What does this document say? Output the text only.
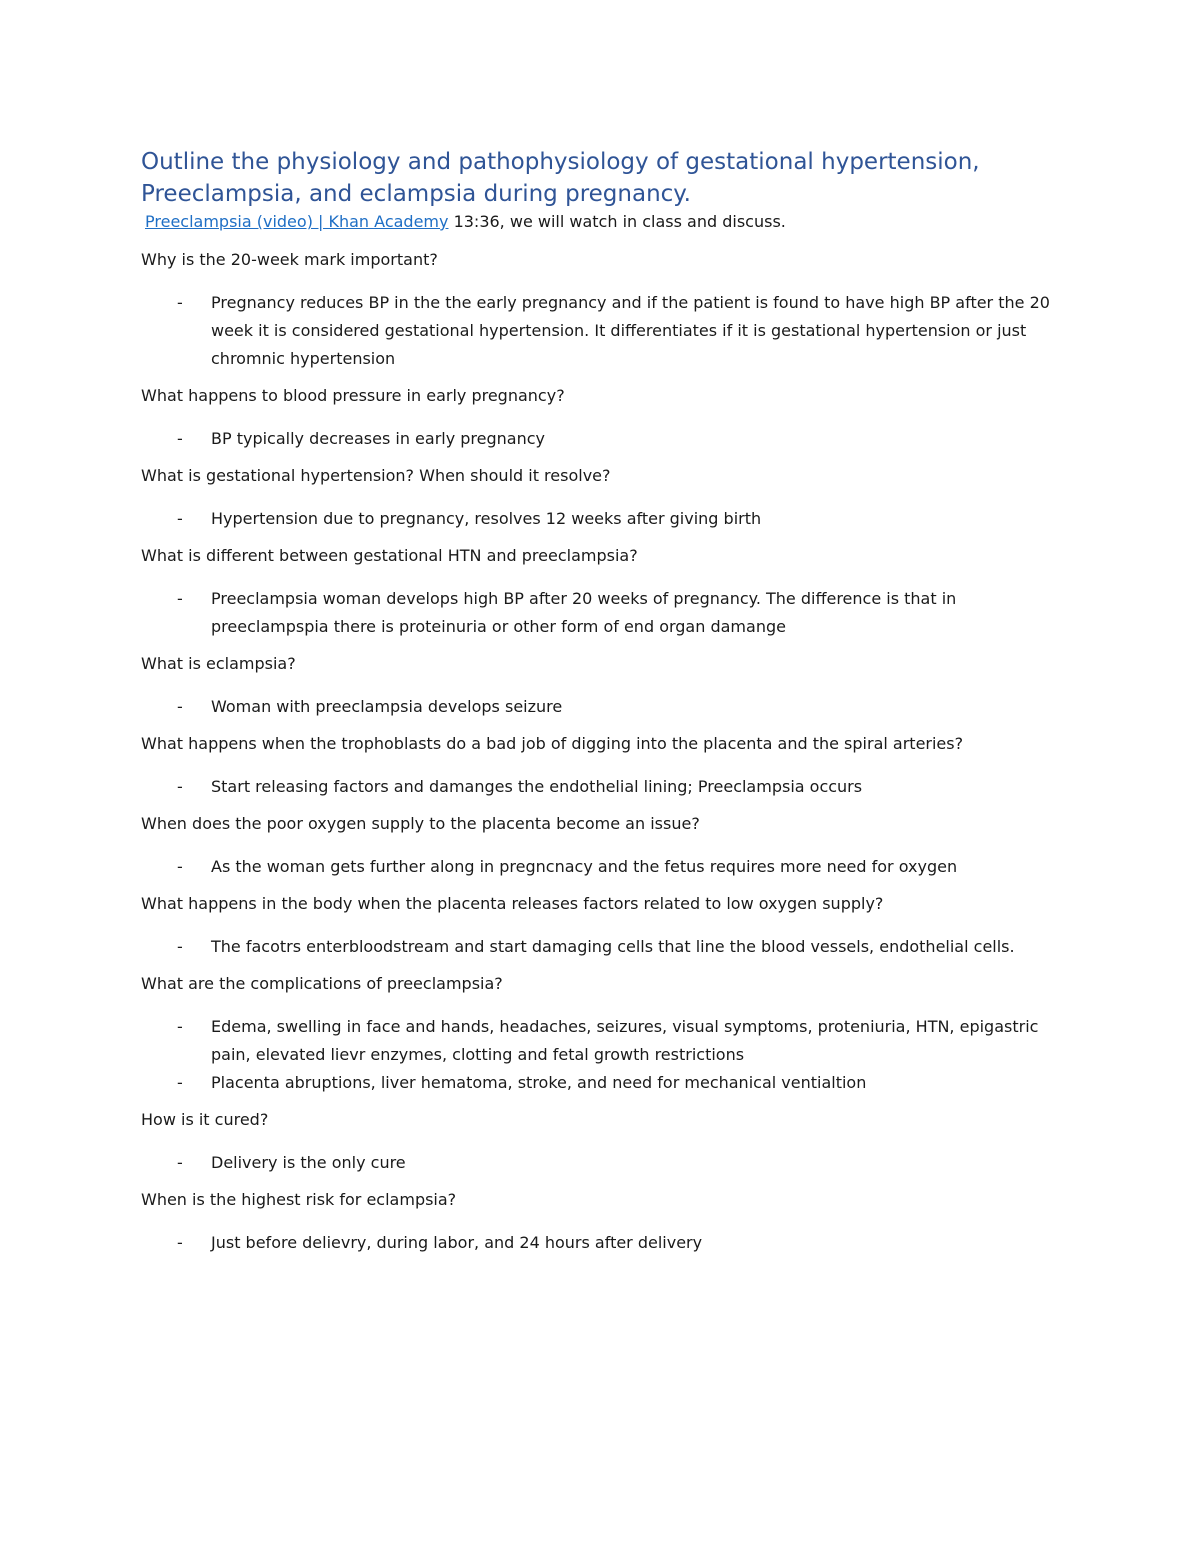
Outline the physiology and pathophysiology of gestational hypertension, Preeclampsia, and eclampsia during pregnancy.

Preeclampsia (video) | Khan Academy 13:36, we will watch in class and discuss.

Why is the 20-week mark important?

- Pregnancy reduces BP in the the early pregnancy and if the patient is found to have high BP after the 20 week it is considered gestational hypertension. It differentiates if it is gestational hypertension or just chromnic hypertension

What happens to blood pressure in early pregnancy?

- BP typically decreases in early pregnancy

What is gestational hypertension? When should it resolve?

- Hypertension due to pregnancy, resolves 12 weeks after giving birth

What is different between gestational HTN and preeclampsia?

- Preeclampsia woman develops high BP after 20 weeks of pregnancy. The difference is that in preeclampspia there is proteinuria or other form of end organ damange

What is eclampsia?

- Woman with preeclampsia develops seizure

What happens when the trophoblasts do a bad job of digging into the placenta and the spiral arteries?

- Start releasing factors and damanges the endothelial lining; Preeclampsia occurs

When does the poor oxygen supply to the placenta become an issue?

- As the woman gets further along in pregncnacy and the fetus requires more need for oxygen

What happens in the body when the placenta releases factors related to low oxygen supply?

- The facotrs enterbloodstream and start damaging cells that line the blood vessels, endothelial cells.

What are the complications of preeclampsia?

- Edema, swelling in face and hands, headaches, seizures, visual symptoms, proteniuria, HTN, epigastric pain, elevated lievr enzymes, clotting and fetal growth restrictions
- Placenta abruptions, liver hematoma, stroke, and need for mechanical ventialtion

How is it cured?

- Delivery is the only cure

When is the highest risk for eclampsia?

- Just before delievry, during labor, and 24 hours after delivery
